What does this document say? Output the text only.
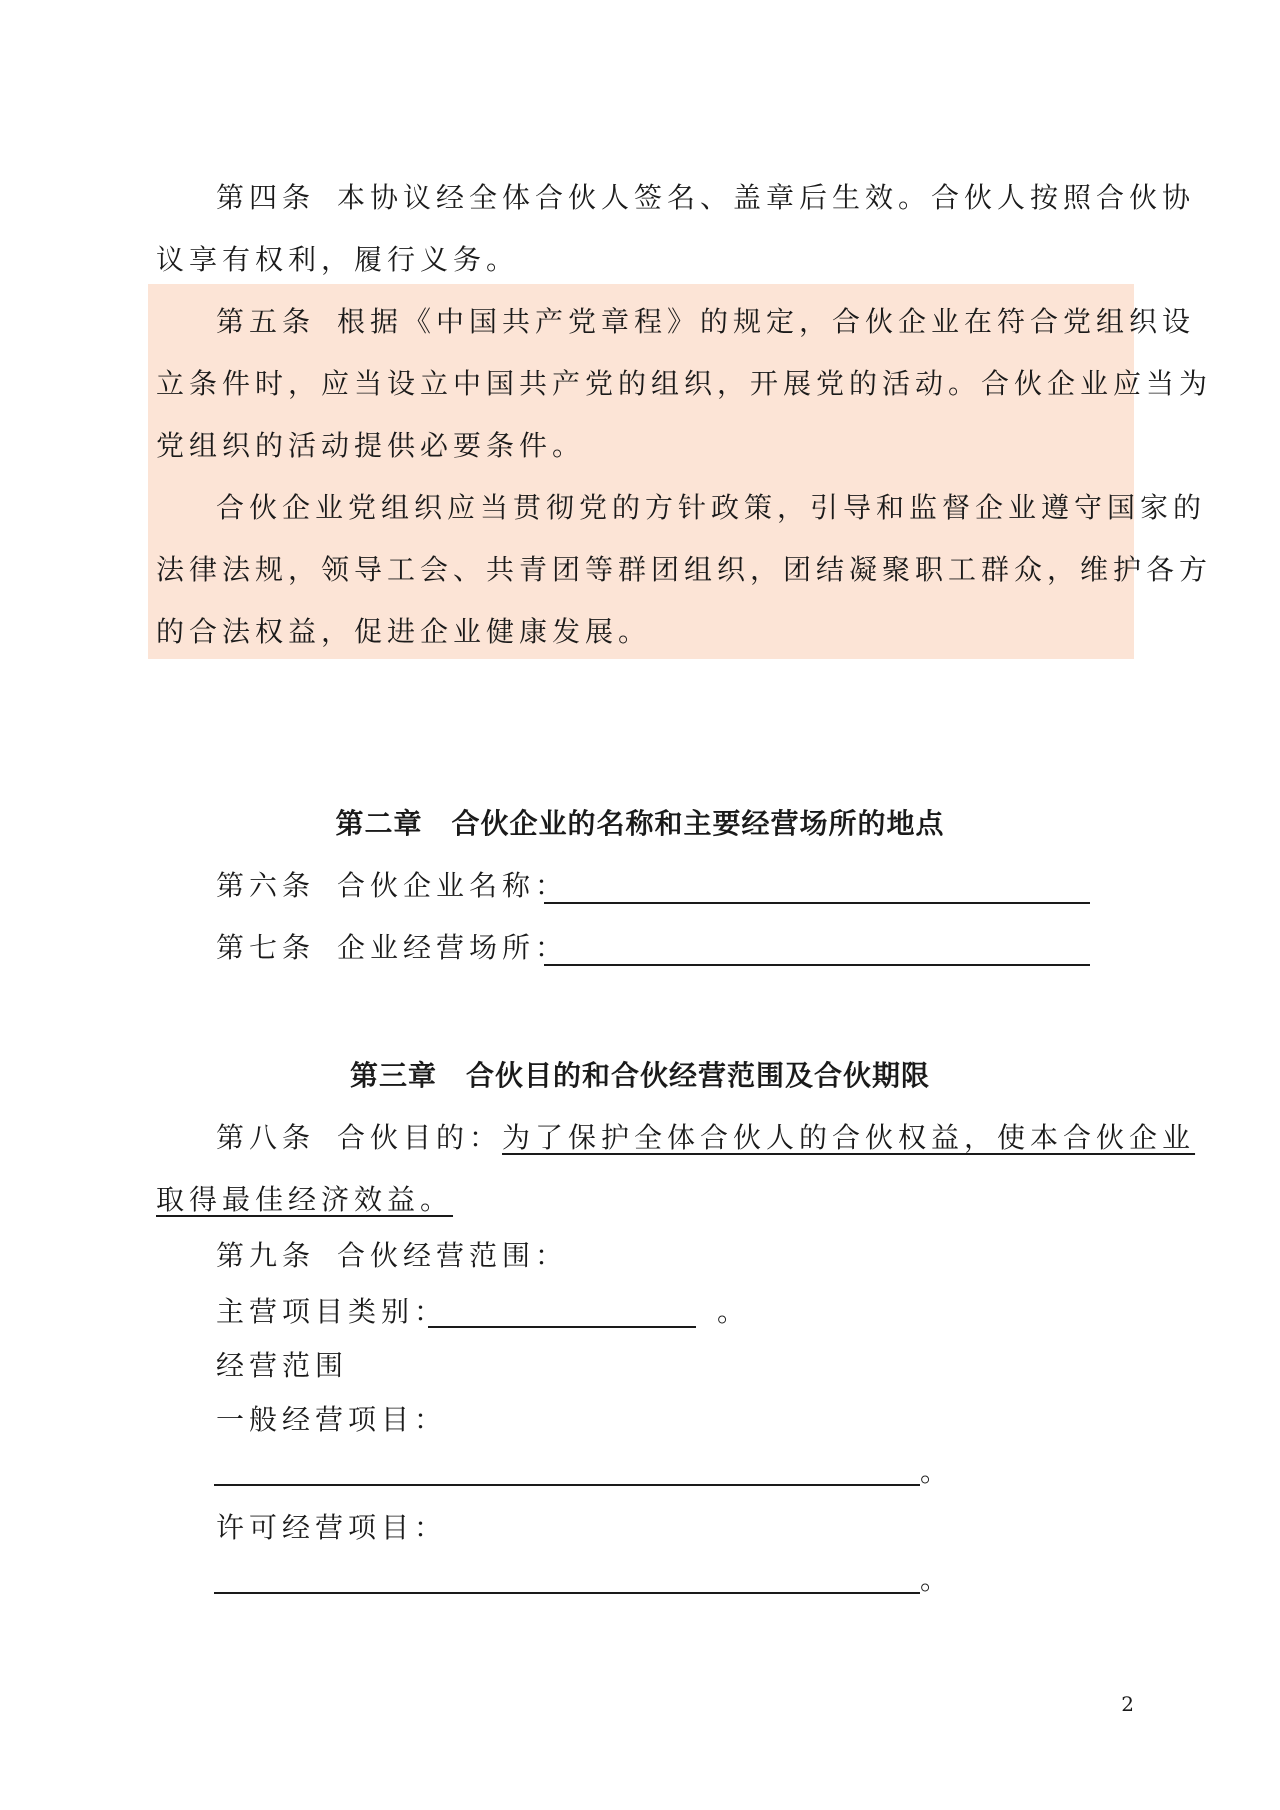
第四条 本协议经全体合伙人签名、盖章后生效。合伙人按照合伙协
议享有权利，履行义务。
第五条 根据《中国共产党章程》的规定，合伙企业在符合党组织设
立条件时，应当设立中国共产党的组织，开展党的活动。合伙企业应当为
党组织的活动提供必要条件。
合伙企业党组织应当贯彻党的方针政策，引导和监督企业遵守国家的
法律法规，领导工会、共青团等群团组织，团结凝聚职工群众，维护各方
的合法权益，促进企业健康发展。
第二章　合伙企业的名称和主要经营场所的地点
第六条 合伙企业名称：
第七条 企业经营场所：
第三章　合伙目的和合伙经营范围及合伙期限
第八条 合伙目的：为了保护全体合伙人的合伙权益，使本合伙企业
取得最佳经济效益。
第九条 合伙经营范围：
主营项目类别：	。
经营范围
一般经营项目：
。
许可经营项目：
。
2
